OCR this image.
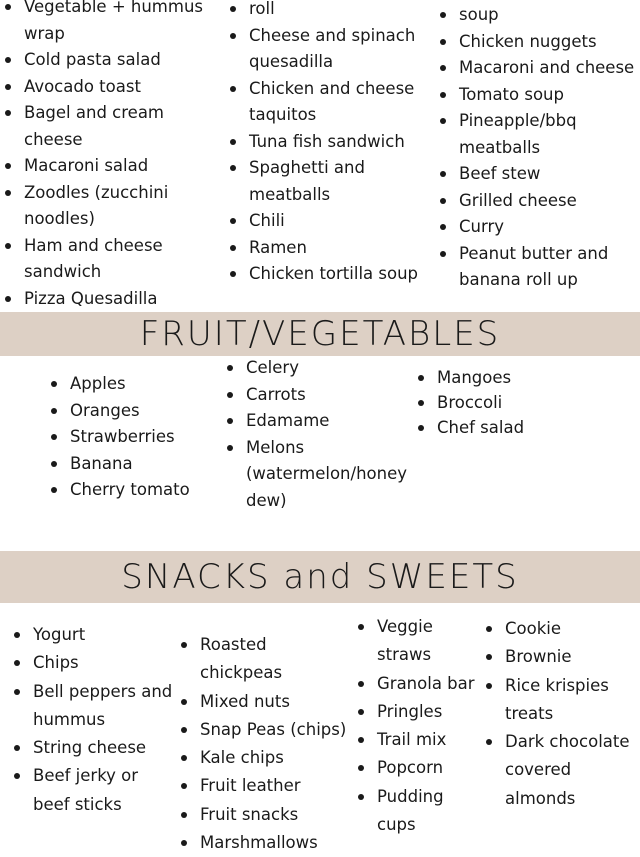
Vegetable + hummus wrap
Cold pasta salad
Avocado toast
Bagel and cream cheese
Macaroni salad
Zoodles (zucchini noodles)
Ham and cheese sandwich
Pizza Quesadilla
roll
Cheese and spinach quesadilla
Chicken and cheese taquitos
Tuna fish sandwich
Spaghetti and meatballs
Chili
Ramen
Chicken tortilla soup
soup
Chicken nuggets
Macaroni and cheese
Tomato soup
Pineapple/bbq meatballs
Beef stew
Grilled cheese
Curry
Peanut butter and banana roll up
FRUIT/VEGETABLES
Apples
Oranges
Strawberries
Banana
Cherry tomato
Celery
Carrots
Edamame
Melons (watermelon/honey dew)
Mangoes
Broccoli
Chef salad
SNACKS and SWEETS
Yogurt
Chips
Bell peppers and hummus
String cheese
Beef jerky or beef sticks
Roasted chickpeas
Mixed nuts
Snap Peas (chips)
Kale chips
Fruit leather
Fruit snacks
Marshmallows
Veggie straws
Granola bar
Pringles
Trail mix
Popcorn
Pudding cups
Cookie
Brownie
Rice krispies treats
Dark chocolate covered almonds
